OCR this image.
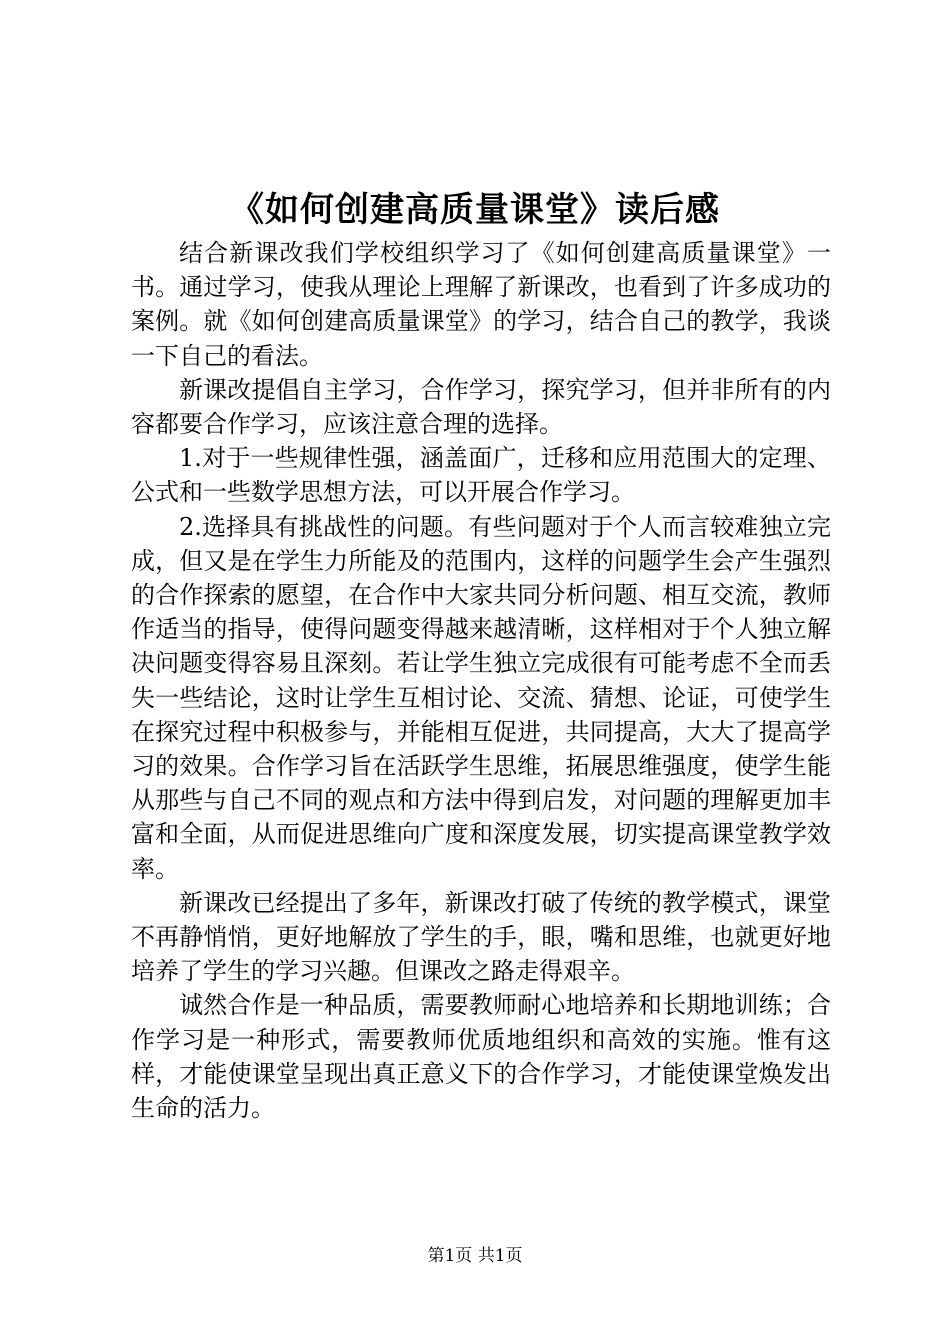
《如何创建高质量课堂》读后感

结合新课改我们学校组织学习了《如何创建高质量课堂》一书。通过学习，使我从理论上理解了新课改，也看到了许多成功的案例。就《如何创建高质量课堂》的学习，结合自己的教学，我谈一下自己的看法。

新课改提倡自主学习，合作学习，探究学习，但并非所有的内容都要合作学习，应该注意合理的选择。

1.对于一些规律性强，涵盖面广，迁移和应用范围大的定理、公式和一些数学思想方法，可以开展合作学习。

2.选择具有挑战性的问题。有些问题对于个人而言较难独立完成，但又是在学生力所能及的范围内，这样的问题学生会产生强烈的合作探索的愿望，在合作中大家共同分析问题、相互交流，教师作适当的指导，使得问题变得越来越清晰，这样相对于个人独立解决问题变得容易且深刻。若让学生独立完成很有可能考虑不全而丢失一些结论，这时让学生互相讨论、交流、猜想、论证，可使学生在探究过程中积极参与，并能相互促进，共同提高，大大了提高学习的效果。合作学习旨在活跃学生思维，拓展思维强度，使学生能从那些与自己不同的观点和方法中得到启发，对问题的理解更加丰富和全面，从而促进思维向广度和深度发展，切实提高课堂教学效率。

新课改已经提出了多年，新课改打破了传统的教学模式，课堂不再静悄悄，更好地解放了学生的手，眼，嘴和思维，也就更好地培养了学生的学习兴趣。但课改之路走得艰辛。

诚然合作是一种品质，需要教师耐心地培养和长期地训练；合作学习是一种形式，需要教师优质地组织和高效的实施。惟有这样，才能使课堂呈现出真正意义下的合作学习，才能使课堂焕发出生命的活力。

第1页 共1页
